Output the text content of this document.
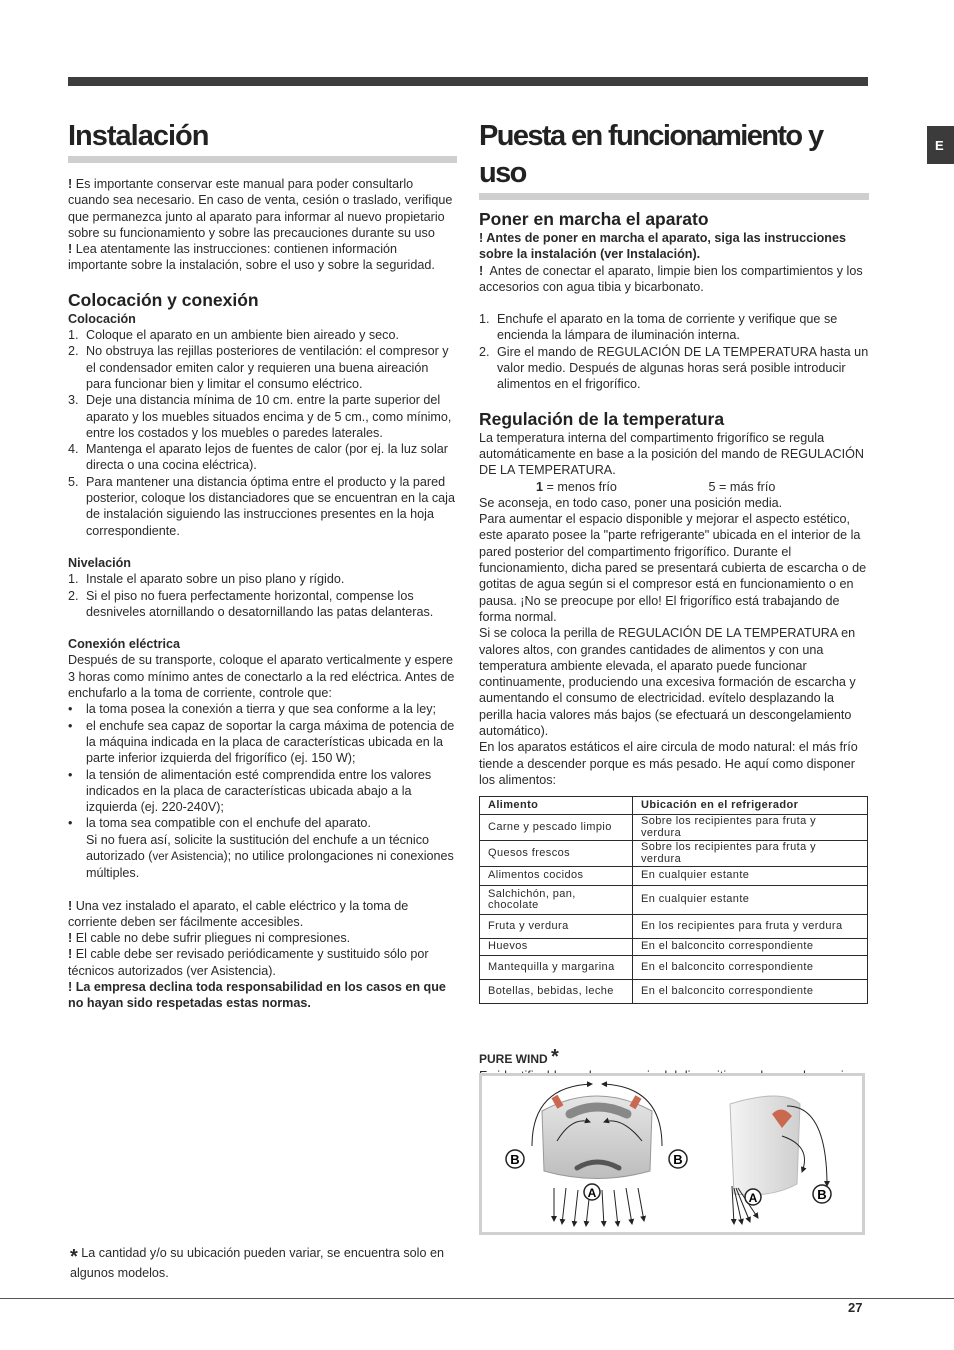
E
Instalación

! Es importante conservar este manual para poder consultarlo cuando sea necesario. En caso de venta, cesión o traslado, verifique que permanezca junto al aparato para informar al nuevo propietario sobre su funcionamiento y sobre las precauciones durante su uso

! Lea atentamente las instrucciones: contienen información importante sobre la instalación, sobre el uso y sobre la seguridad.

Colocación y conexión
Colocación
1. Coloque el aparato en un ambiente bien aireado y seco.
2. No obstruya las rejillas posteriores de ventilación: el compresor y el condensador emiten calor y requieren una buena aireación para funcionar bien y limitar el consumo eléctrico.
3. Deje una distancia mínima de 10 cm. entre la parte superior del aparato y los muebles situados encima y de 5 cm., como mínimo, entre los costados y los muebles o paredes laterales.
4. Mantenga el aparato lejos de fuentes de calor (por ej. la luz solar directa o una cocina eléctrica).
5. Para mantener una distancia óptima entre el producto y la pared posterior, coloque los distanciadores que se encuentran en la caja de instalación siguiendo las instrucciones presentes en la hoja correspondiente.
Nivelación
1. Instale el aparato sobre un piso plano y rígido.
2. Si el piso no fuera perfectamente horizontal, compense los desniveles atornillando o desatornillando las patas delanteras.
Conexión eléctrica

Después de su transporte, coloque el aparato verticalmente y espere 3 horas como mínimo antes de conectarlo a la red eléctrica. Antes de enchufarlo a la toma de corriente, controle que:

• la toma posea la conexión a tierra y que sea conforme a la ley;
• el enchufe sea capaz de soportar la carga máxima de potencia de la máquina indicada en la placa de características ubicada en la parte inferior izquierda del frigorífico (ej. 150 W);
• la tensión de alimentación esté comprendida entre los valores indicados en la placa de características ubicada abajo a la izquierda (ej. 220-240V);
• la toma sea compatible con el enchufe del aparato.
Si no fuera así, solicite la sustitución del enchufe a un técnico autorizado (ver Asistencia); no utilice prolongaciones ni conexiones múltiples.

! Una vez instalado el aparato, el cable eléctrico y la toma de corriente deben ser fácilmente accesibles.

! El cable no debe sufrir pliegues ni compresiones.

! El cable debe ser revisado periódicamente y sustituido sólo por técnicos autorizados (ver Asistencia).

! La empresa declina toda responsabilidad en los casos en que no hayan sido respetadas estas normas.

Puesta en funcionamiento y uso
Poner en marcha el aparato

! Antes de poner en marcha el aparato, siga las instrucciones sobre la instalación (ver Instalación).

! Antes de conectar el aparato, limpie bien los compartimientos y los accesorios con agua tibia y bicarbonato.

1. Enchufe el aparato en la toma de corriente y verifique que se encienda la lámpara de iluminación interna.
2. Gire el mando de REGULACIÓN DE LA TEMPERATURA hasta un valor medio. Después de algunas horas será posible introducir alimentos en el frigorífico.
Regulación de la temperatura

La temperatura interna del compartimento frigorífico se regula automáticamente en base a la posición del mando de REGULACIÓN DE LA TEMPERATURA.

1 = menos frío	5 = más frío

Se aconseja, en todo caso, poner una posición media.
Para aumentar el espacio disponible y mejorar el aspecto estético, este aparato posee la "parte refrigerante" ubicada en el interior de la pared posterior del compartimento frigorífico. Durante el funcionamiento, dicha pared se presentará cubierta de escarcha o de gotitas de agua según si el compresor está en funcionamiento o en pausa. ¡No se preocupe por ello! El frigorífico está trabajando de forma normal.
Si se coloca la perilla de REGULACIÓN DE LA TEMPERATURA en valores altos, con grandes cantidades de alimentos y con una temperatura ambiente elevada, el aparato puede funcionar continuamente, produciendo una excesiva formación de escarcha y aumentando el consumo de electricidad. evítelo desplazando la perilla hacia valores más bajos (se efectuará un descongelamiento automático).
En los aparatos estáticos el aire circula de modo natural: el más frío tiende a descender porque es más pesado. He aquí como disponer los alimentos:

Alimento	Ubicación en el refrigerador
Carne y pescado limpio	Sobre los recipientes para fruta y verdura
Quesos frescos	Sobre los recipientes para fruta y verdura
Alimentos cocidos	En cualquier estante
Salchichón, pan, chocolate	En cualquier estante
Fruta y verdura	En los recipientes para fruta y verdura
Huevos	En el balconcito correspondiente
Mantequilla y margarina	En el balconcito correspondiente
Botellas, bebidas, leche	En el balconcito correspondiente
PURE WIND *

B	B
A	A	B
* La cantidad y/o su ubicación pueden variar, se encuentra solo en algunos modelos.
27
